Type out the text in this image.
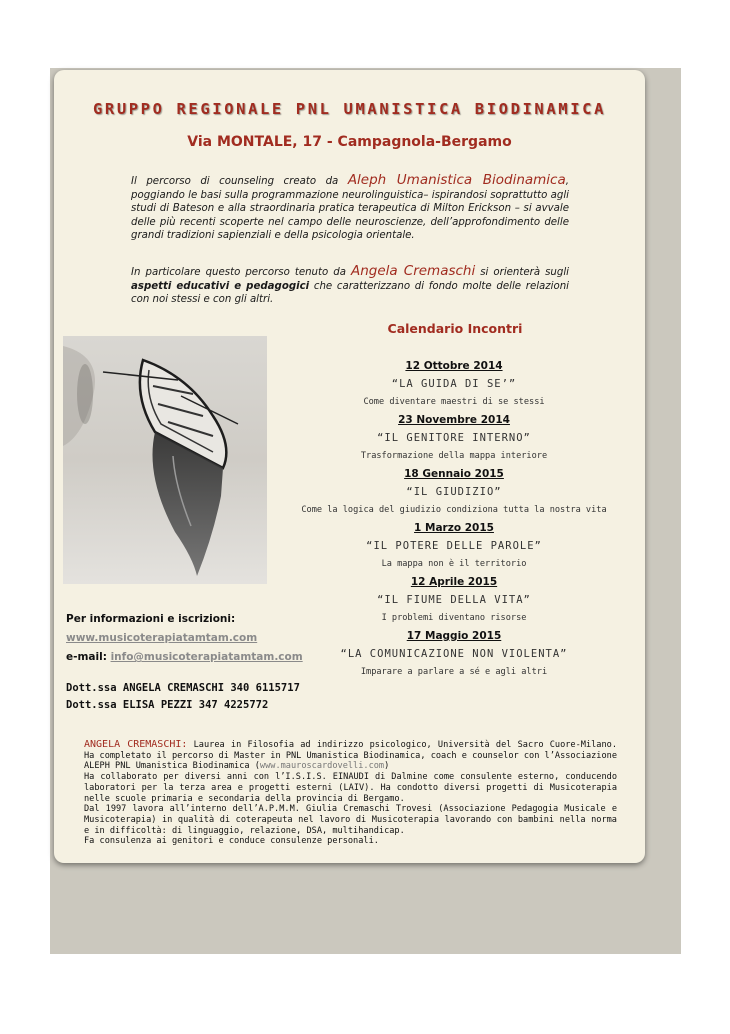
GRUPPO REGIONALE PNL UMANISTICA BIODINAMICA
Via MONTALE, 17 - Campagnola-Bergamo
Il percorso di counseling creato da Aleph Umanistica Biodinamica, poggiando le basi sulla programmazione neurolinguistica– ispirandosi soprattutto agli studi di Bateson e alla straordinaria pratica terapeutica di Milton Erickson – si avvale delle più recenti scoperte nel campo delle neuroscienze, dell’approfondimento delle grandi tradizioni sapienziali e della psicologia orientale.
In particolare questo percorso tenuto da Angela Cremaschi si orienterà sugli aspetti educativi e pedagogici che caratterizzano di fondo molte delle relazioni con noi stessi e con gli altri.
Calendario Incontri
12 Ottobre 2014
“LA GUIDA DI SE’”
Come diventare maestri di se stessi
23 Novembre 2014
“IL GENITORE INTERNO”
Trasformazione della mappa interiore
18 Gennaio 2015
“IL GIUDIZIO”
Come la logica del giudizio condiziona tutta la nostra vita
1 Marzo 2015
“IL POTERE DELLE PAROLE”
La mappa non è il territorio
12 Aprile 2015
“IL FIUME DELLA VITA”
I problemi diventano risorse
17 Maggio 2015
“LA COMUNICAZIONE NON VIOLENTA”
Imparare a parlare a sé e agli altri
Per informazioni e iscrizioni:
www.musicoterapiatamtam.com
e-mail: info@musicoterapiatamtam.com
Dott.ssa ANGELA CREMASCHI 340 6115717
Dott.ssa ELISA PEZZI 347 4225772
ANGELA CREMASCHI: Laurea in Filosofia ad indirizzo psicologico, Università del Sacro Cuore-Milano. Ha completato il percorso di Master in PNL Umanistica Biodinamica, coach e counselor con l’Associazione ALEPH PNL Umanistica Biodinamica (www.mauroscardovelli.com)
Ha collaborato per diversi anni con l’I.S.I.S. EINAUDI di Dalmine come consulente esterno, conducendo laboratori per la terza area e progetti esterni (LAIV). Ha condotto diversi progetti di Musicoterapia nelle scuole primaria e secondaria della provincia di Bergamo.
Dal 1997 lavora all’interno dell’A.P.M.M. Giulia Cremaschi Trovesi (Associazione Pedagogia Musicale e Musicoterapia) in qualità di coterapeuta nel lavoro di Musicoterapia lavorando con bambini nella norma e in difficoltà: di linguaggio, relazione, DSA, multihandicap.
Fa consulenza ai genitori e conduce consulenze personali.
